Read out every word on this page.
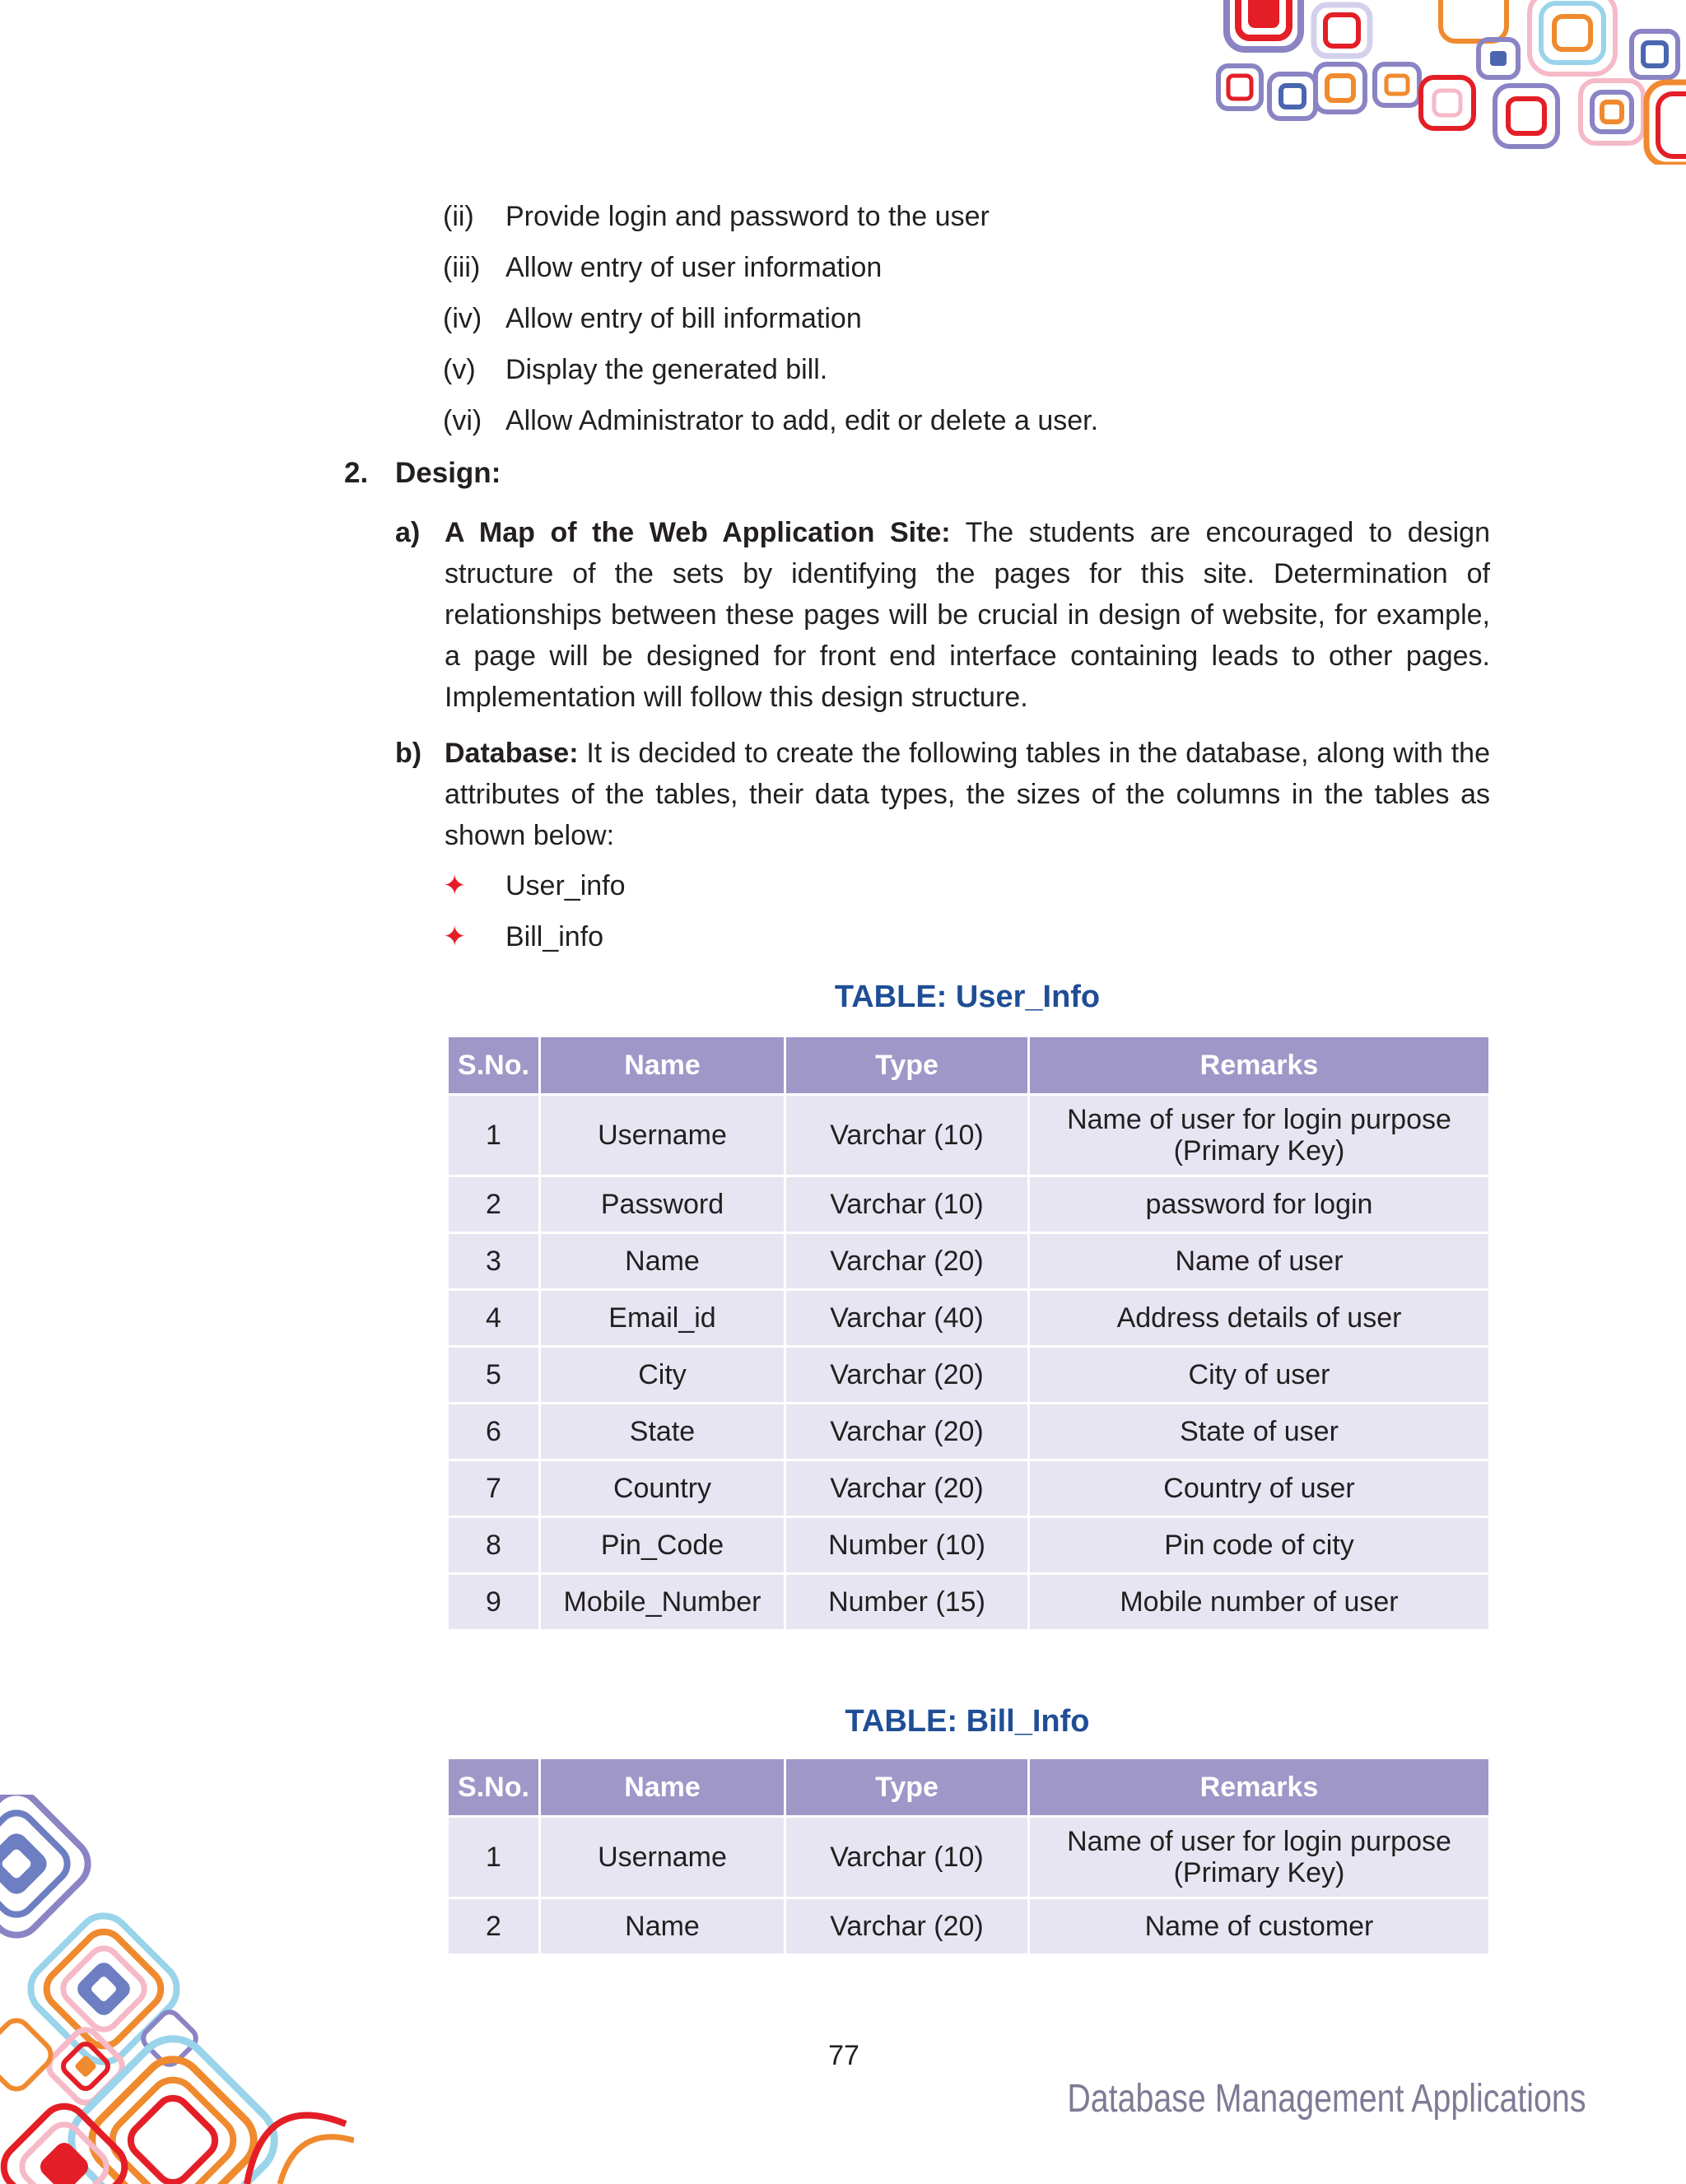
(ii) Provide login and password to the user
(iii) Allow entry of user information
(iv) Allow entry of bill information
(v) Display the generated bill.
(vi) Allow Administrator to add, edit or delete a user.
2. Design:
a) A Map of the Web Application Site: The students are encouraged to design structure of the sets by identifying the pages for this site. Determination of relationships between these pages will be crucial in design of website, for example, a page will be designed for front end interface containing leads to other pages. Implementation will follow this design structure.
b) Database: It is decided to create the following tables in the database, along with the attributes of the tables, their data types, the sizes of the columns in the tables as shown below:
✦ User_info
✦ Bill_info
TABLE: User_Info
S.No.	Name	Type	Remarks
1	Username	Varchar (10)	Name of user for login purpose (Primary Key)
2	Password	Varchar (10)	password for login
3	Name	Varchar (20)	Name of user
4	Email_id	Varchar (40)	Address details of user
5	City	Varchar (20)	City of user
6	State	Varchar (20)	State of user
7	Country	Varchar (20)	Country of user
8	Pin_Code	Number (10)	Pin code of city
9	Mobile_Number	Number (15)	Mobile number of user
TABLE: Bill_Info
S.No.	Name	Type	Remarks
1	Username	Varchar (10)	Name of user for login purpose (Primary Key)
2	Name	Varchar (20)	Name of customer
77
Database Management Applications
